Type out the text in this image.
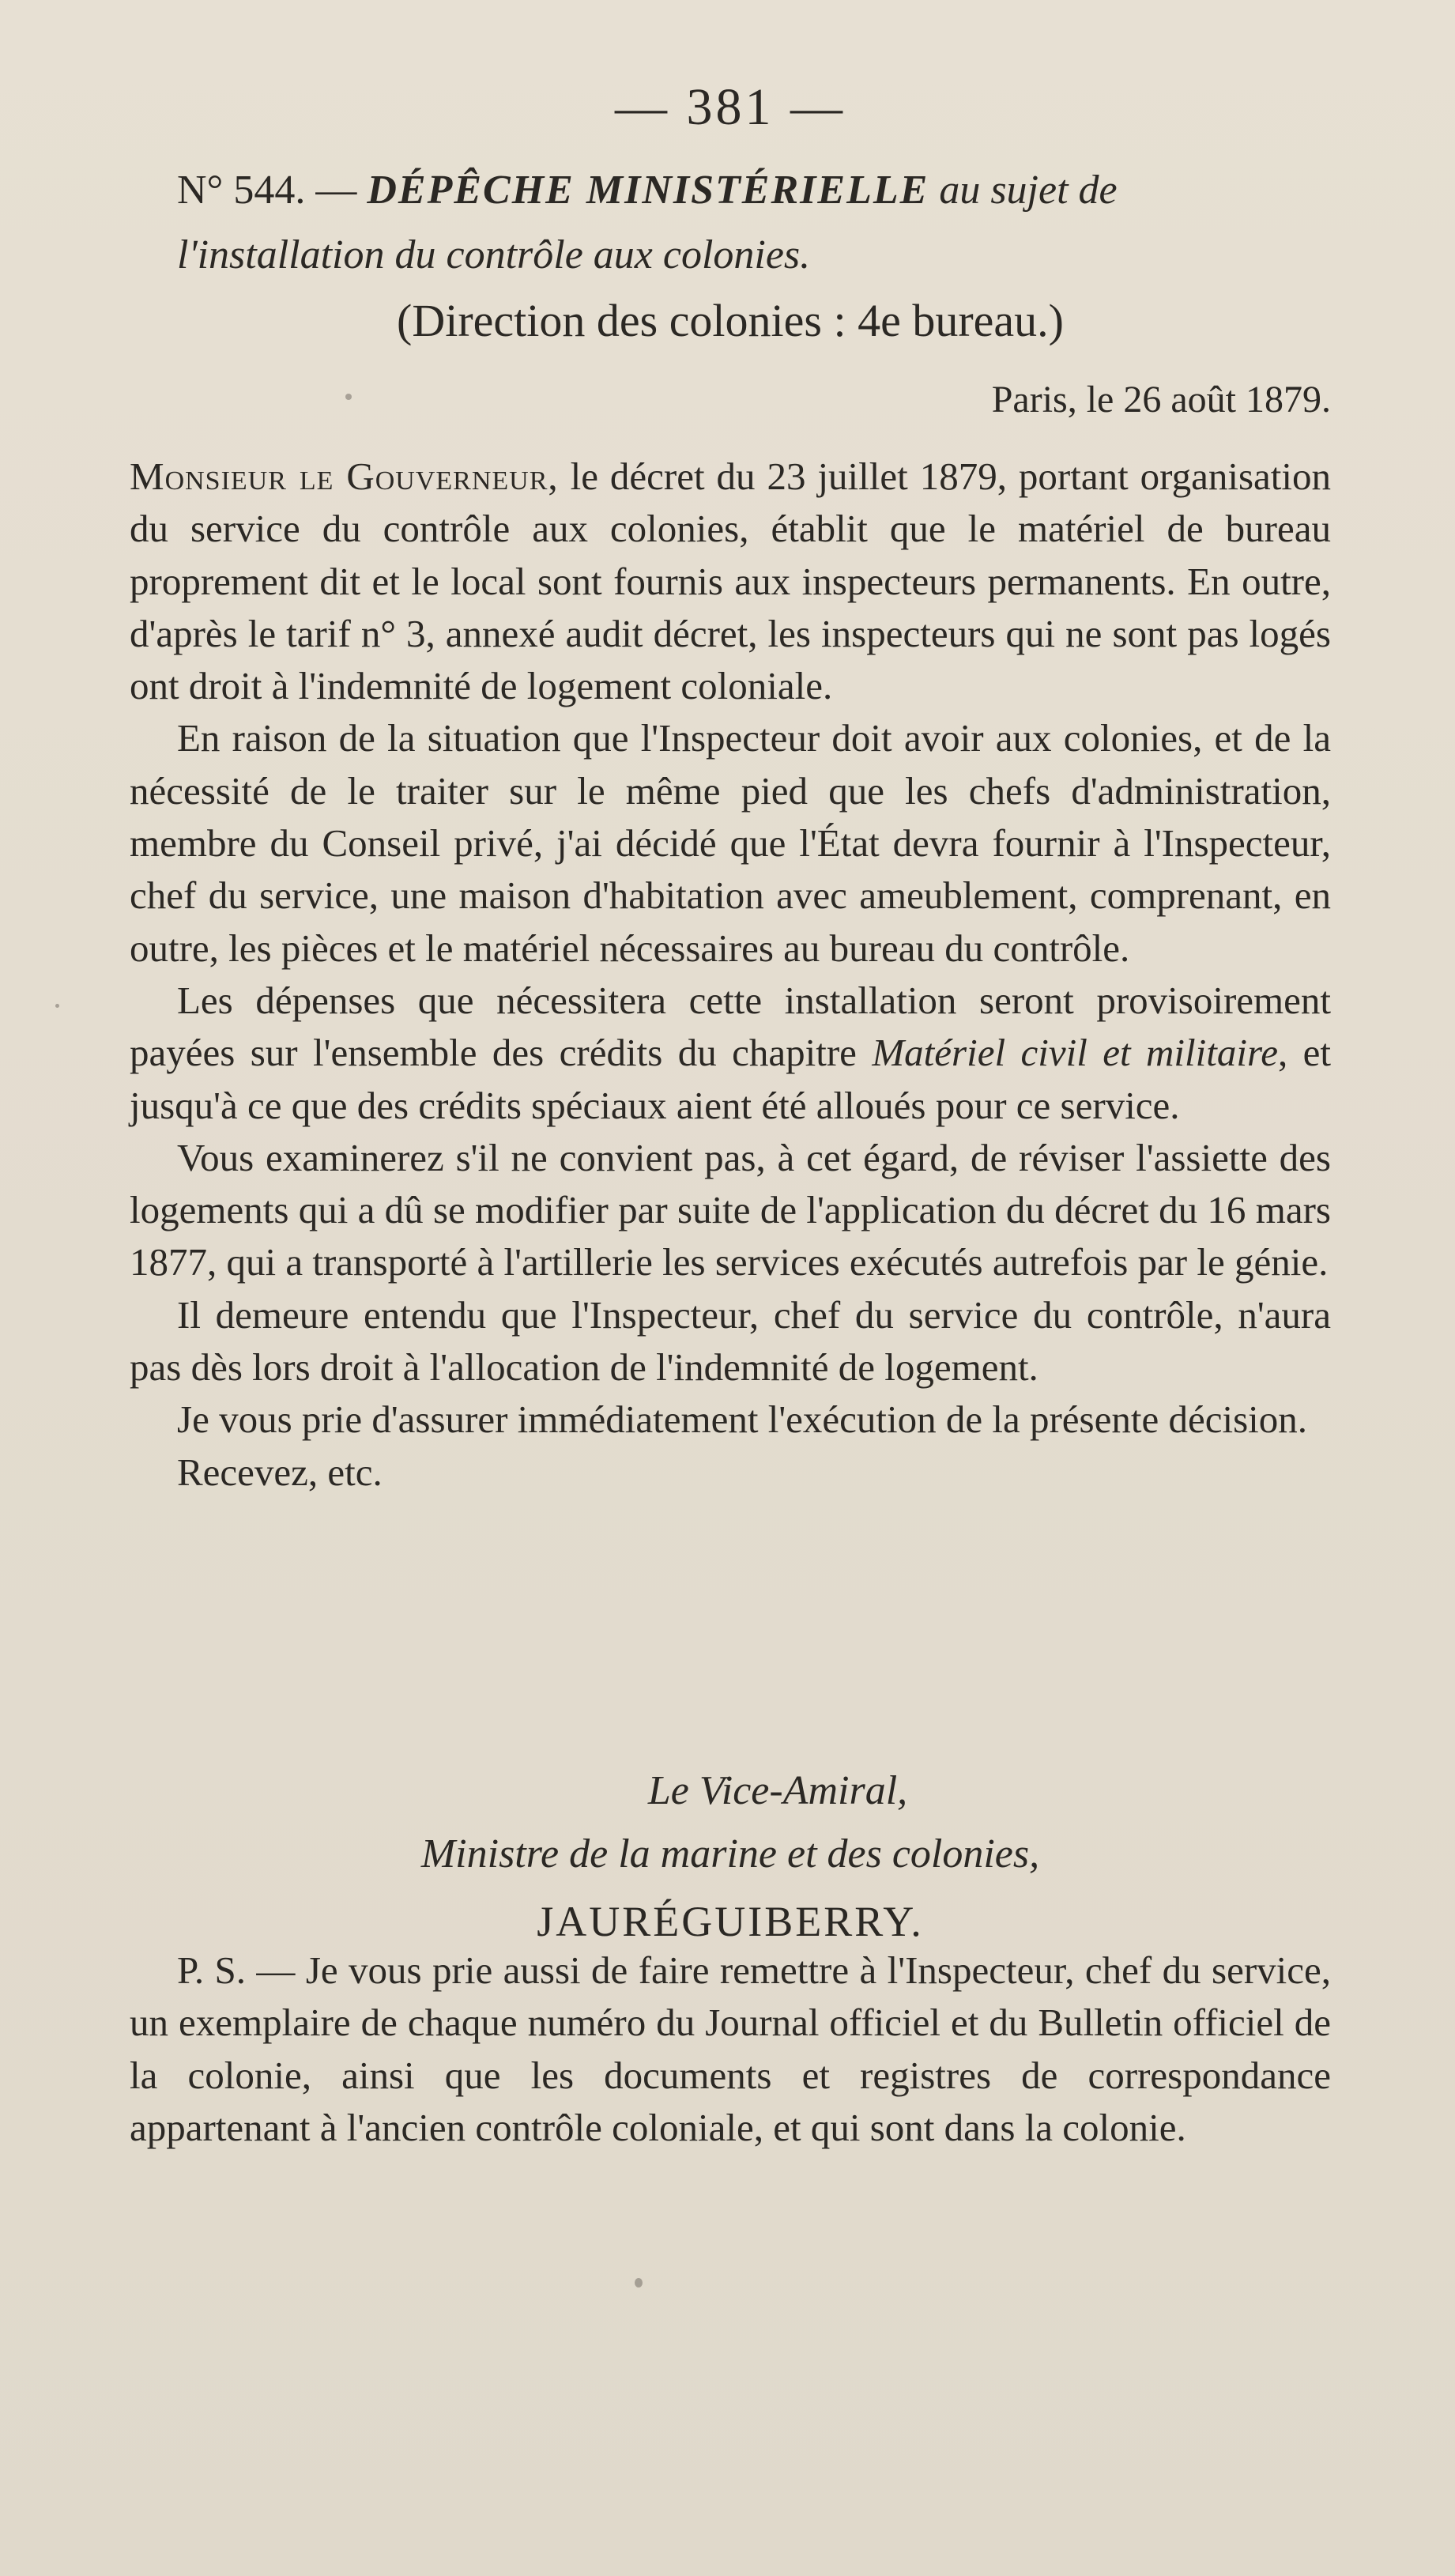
— 381 —
N° 544. — DÉPÊCHE MINISTÉRIELLE au sujet de
l'installation du contrôle aux colonies.
(Direction des colonies : 4e bureau.)
Paris, le 26 août 1879.

Monsieur le Gouverneur, le décret du 23 juillet 1879, portant organisation du service du contrôle aux colonies, établit que le matériel de bureau proprement dit et le local sont fournis aux inspecteurs permanents. En outre, d'après le tarif n° 3, annexé audit décret, les inspecteurs qui ne sont pas logés ont droit à l'indemnité de logement coloniale.

En raison de la situation que l'Inspecteur doit avoir aux colonies, et de la nécessité de le traiter sur le même pied que les chefs d'administration, membre du Conseil privé, j'ai décidé que l'État devra fournir à l'Inspecteur, chef du service, une maison d'habitation avec ameublement, comprenant, en outre, les pièces et le matériel nécessaires au bureau du contrôle.

Les dépenses que nécessitera cette installation seront provisoirement payées sur l'ensemble des crédits du chapitre Matériel civil et militaire, et jusqu'à ce que des crédits spéciaux aient été alloués pour ce service.

Vous examinerez s'il ne convient pas, à cet égard, de réviser l'assiette des logements qui a dû se modifier par suite de l'application du décret du 16 mars 1877, qui a transporté à l'artillerie les services exécutés autrefois par le génie.

Il demeure entendu que l'Inspecteur, chef du service du contrôle, n'aura pas dès lors droit à l'allocation de l'indemnité de logement.

Je vous prie d'assurer immédiatement l'exécution de la présente décision.

Recevez, etc.

Le Vice-Amiral,
Ministre de la marine et des colonies,
JAURÉGUIBERRY.

P. S. — Je vous prie aussi de faire remettre à l'Inspecteur, chef du service, un exemplaire de chaque numéro du Journal officiel et du Bulletin officiel de la colonie, ainsi que les documents et registres de correspondance appartenant à l'ancien contrôle coloniale, et qui sont dans la colonie.
